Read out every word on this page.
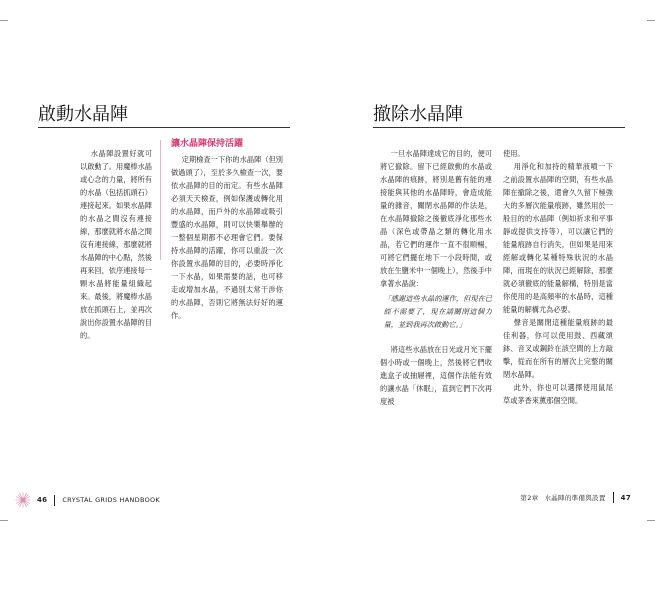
啟動水晶陣

水晶陣設置好就可以啟動了。用魔棒水晶或心念的力量，將所有的水晶（包括抓頭石）連接起來。如果水晶陣的水晶之間沒有連接線，那麼就將水晶之間沒有連接線，那麼就將水晶陣的中心點，然後再來回，依序連接每一顆水晶將能量組織起來。最後，將魔棒水晶放在抓頭石上，並再次說出你設置水晶陣的目的。

讓水晶陣保持活躍

定期檢查一下你的水晶陣（但別做過頭了），至於多久檢查一次，要依水晶陣的目的而定。有些水晶陣必須天天檢查，例如保護或轉化用的水晶陣，而戶外的水晶陣或吸引豐盛的水晶陣，則可以快樂舉辦的一整個星期都不必理會它們。要保持水晶陣的活躍，你可以重設一次你設置水晶陣的目的，必要時淨化一下水晶，如果需要的話，也可移走或增加水晶，不過別太常干涉你的水晶陣，否則它將無法好好的運作。

46 CRYSTAL GRIDS HANDBOOK
撤除水晶陣

一旦水晶陣達成它的目的，便可將它撤除。留下已經啟動的水晶或水晶陣的痕跡，將別是舊有能的連接能與其他的水晶陣時，會造成能量的雜音，關閉水晶陣的作法是，在水晶陣撤除之後徹底淨化那些水晶（深色或帶晶之類的轉化用水晶，若它們的運作一直不很順暢，可將它們擺在地下一小段時間，或放在生鹽米中一個晚上），然後手中拿著水晶說：

「感謝這些水晶的運作，但現在已經不需要了，現在請關閉這個力量，並到我再次啟動它。」

將這些水晶放在日光或月光下擺個小時或一個晚上，然後將它們收進盒子或抽屜裡，這個作法能有效的讓水晶「休眠」，直到它們下次再度被

使用。

用淨化和加持的精華液噴一下之前設置水晶陣的空間，有些水晶陣在撤除之後，還會久久留下極強大的多層次能量痕跡，雖然用於一般目的的水晶陣（例如祈求和平事靜或提供支持等），可以讓它們的能量痕跡自行消失，但如果是用來經解或轉化某種特殊狀況的水晶陣，而現在的狀況已經解除，那麼就必須徹底的能量解構，特別是當你使用的是高頻率的水晶時，這種能量的解構尤為必要。

聲音是關閉這種能量痕跡的最佳利器，你可以使用鼓、西藏頌鉢、音叉或鋼鈴在該空間的上方敲擊，從而在所有的層次上完整的關閉水晶陣。

此外，你也可以選擇使用鼠尾草或茅香來薰那個空間。

第2章 水晶陣的準備與設置 47
